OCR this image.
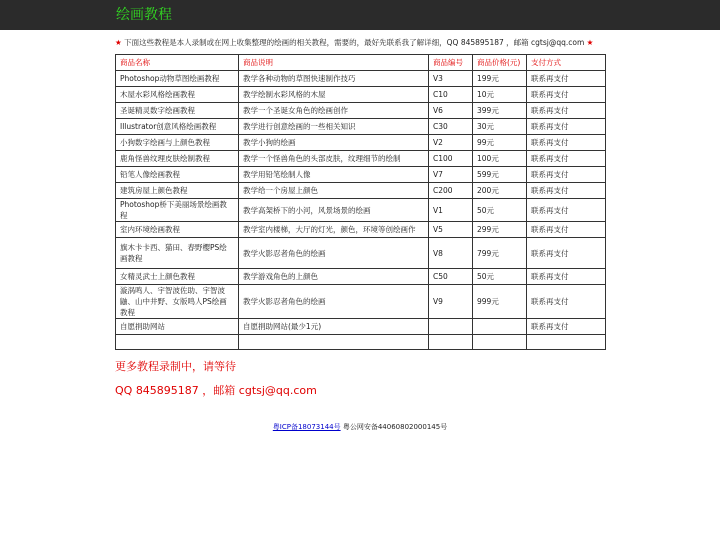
绘画教程
★ 下面这些教程是本人录制或在网上收集整理的绘画的相关教程，需要的，最好先联系我了解详细，QQ 845895187 ，邮箱 cgtsj@qq.com ★
商品名称	商品说明	商品编号	商品价格(元)	支付方式
Photoshop动物草图绘画教程	教学各种动物的草图快速制作技巧	V3	199元	联系再支付
木屋水彩风格绘画教程	教学绘制水彩风格的木屋	C10	10元	联系再支付
圣诞精灵数字绘画教程	教学一个圣诞女角色的绘画创作	V6	399元	联系再支付
Illustrator创意风格绘画教程	教学进行创意绘画的一些相关知识	C30	30元	联系再支付
小狗数字绘画与上颜色教程	教学小狗的绘画	V2	99元	联系再支付
鹿角怪兽纹理皮肤绘制教程	教学一个怪兽角色的头部皮肤，纹理细节的绘制	C100	100元	联系再支付
铅笔人像绘画教程	教学用铅笔绘制人像	V7	599元	联系再支付
建筑房屋上颜色教程	教学给一个房屋上颜色	C200	200元	联系再支付
Photoshop桥下美丽场景绘画教程	教学高架桥下的小河，风景场景的绘画	V1	50元	联系再支付
室内环境绘画教程	教学室内楼梯，大厅的灯光，颜色，环境等创绘画作	V5	299元	联系再支付
旗木卡卡西、猫田、春野樱PS绘画教程	教学火影忍者角色的绘画	V8	799元	联系再支付
女精灵武士上颜色教程	教学游戏角色的上颜色	C50	50元	联系再支付
漩涡鸣人、宇智波佐助、宇智波鼬、山中井野、女版鸣人PS绘画教程	教学火影忍者角色的绘画	V9	999元	联系再支付
自愿捐助网站	自愿捐助网站(最少1元)			联系再支付

更多教程录制中，请等待
QQ 845895187 ，邮箱 cgtsj@qq.com
粤ICP备18073144号 粤公网安备44060802000145号
